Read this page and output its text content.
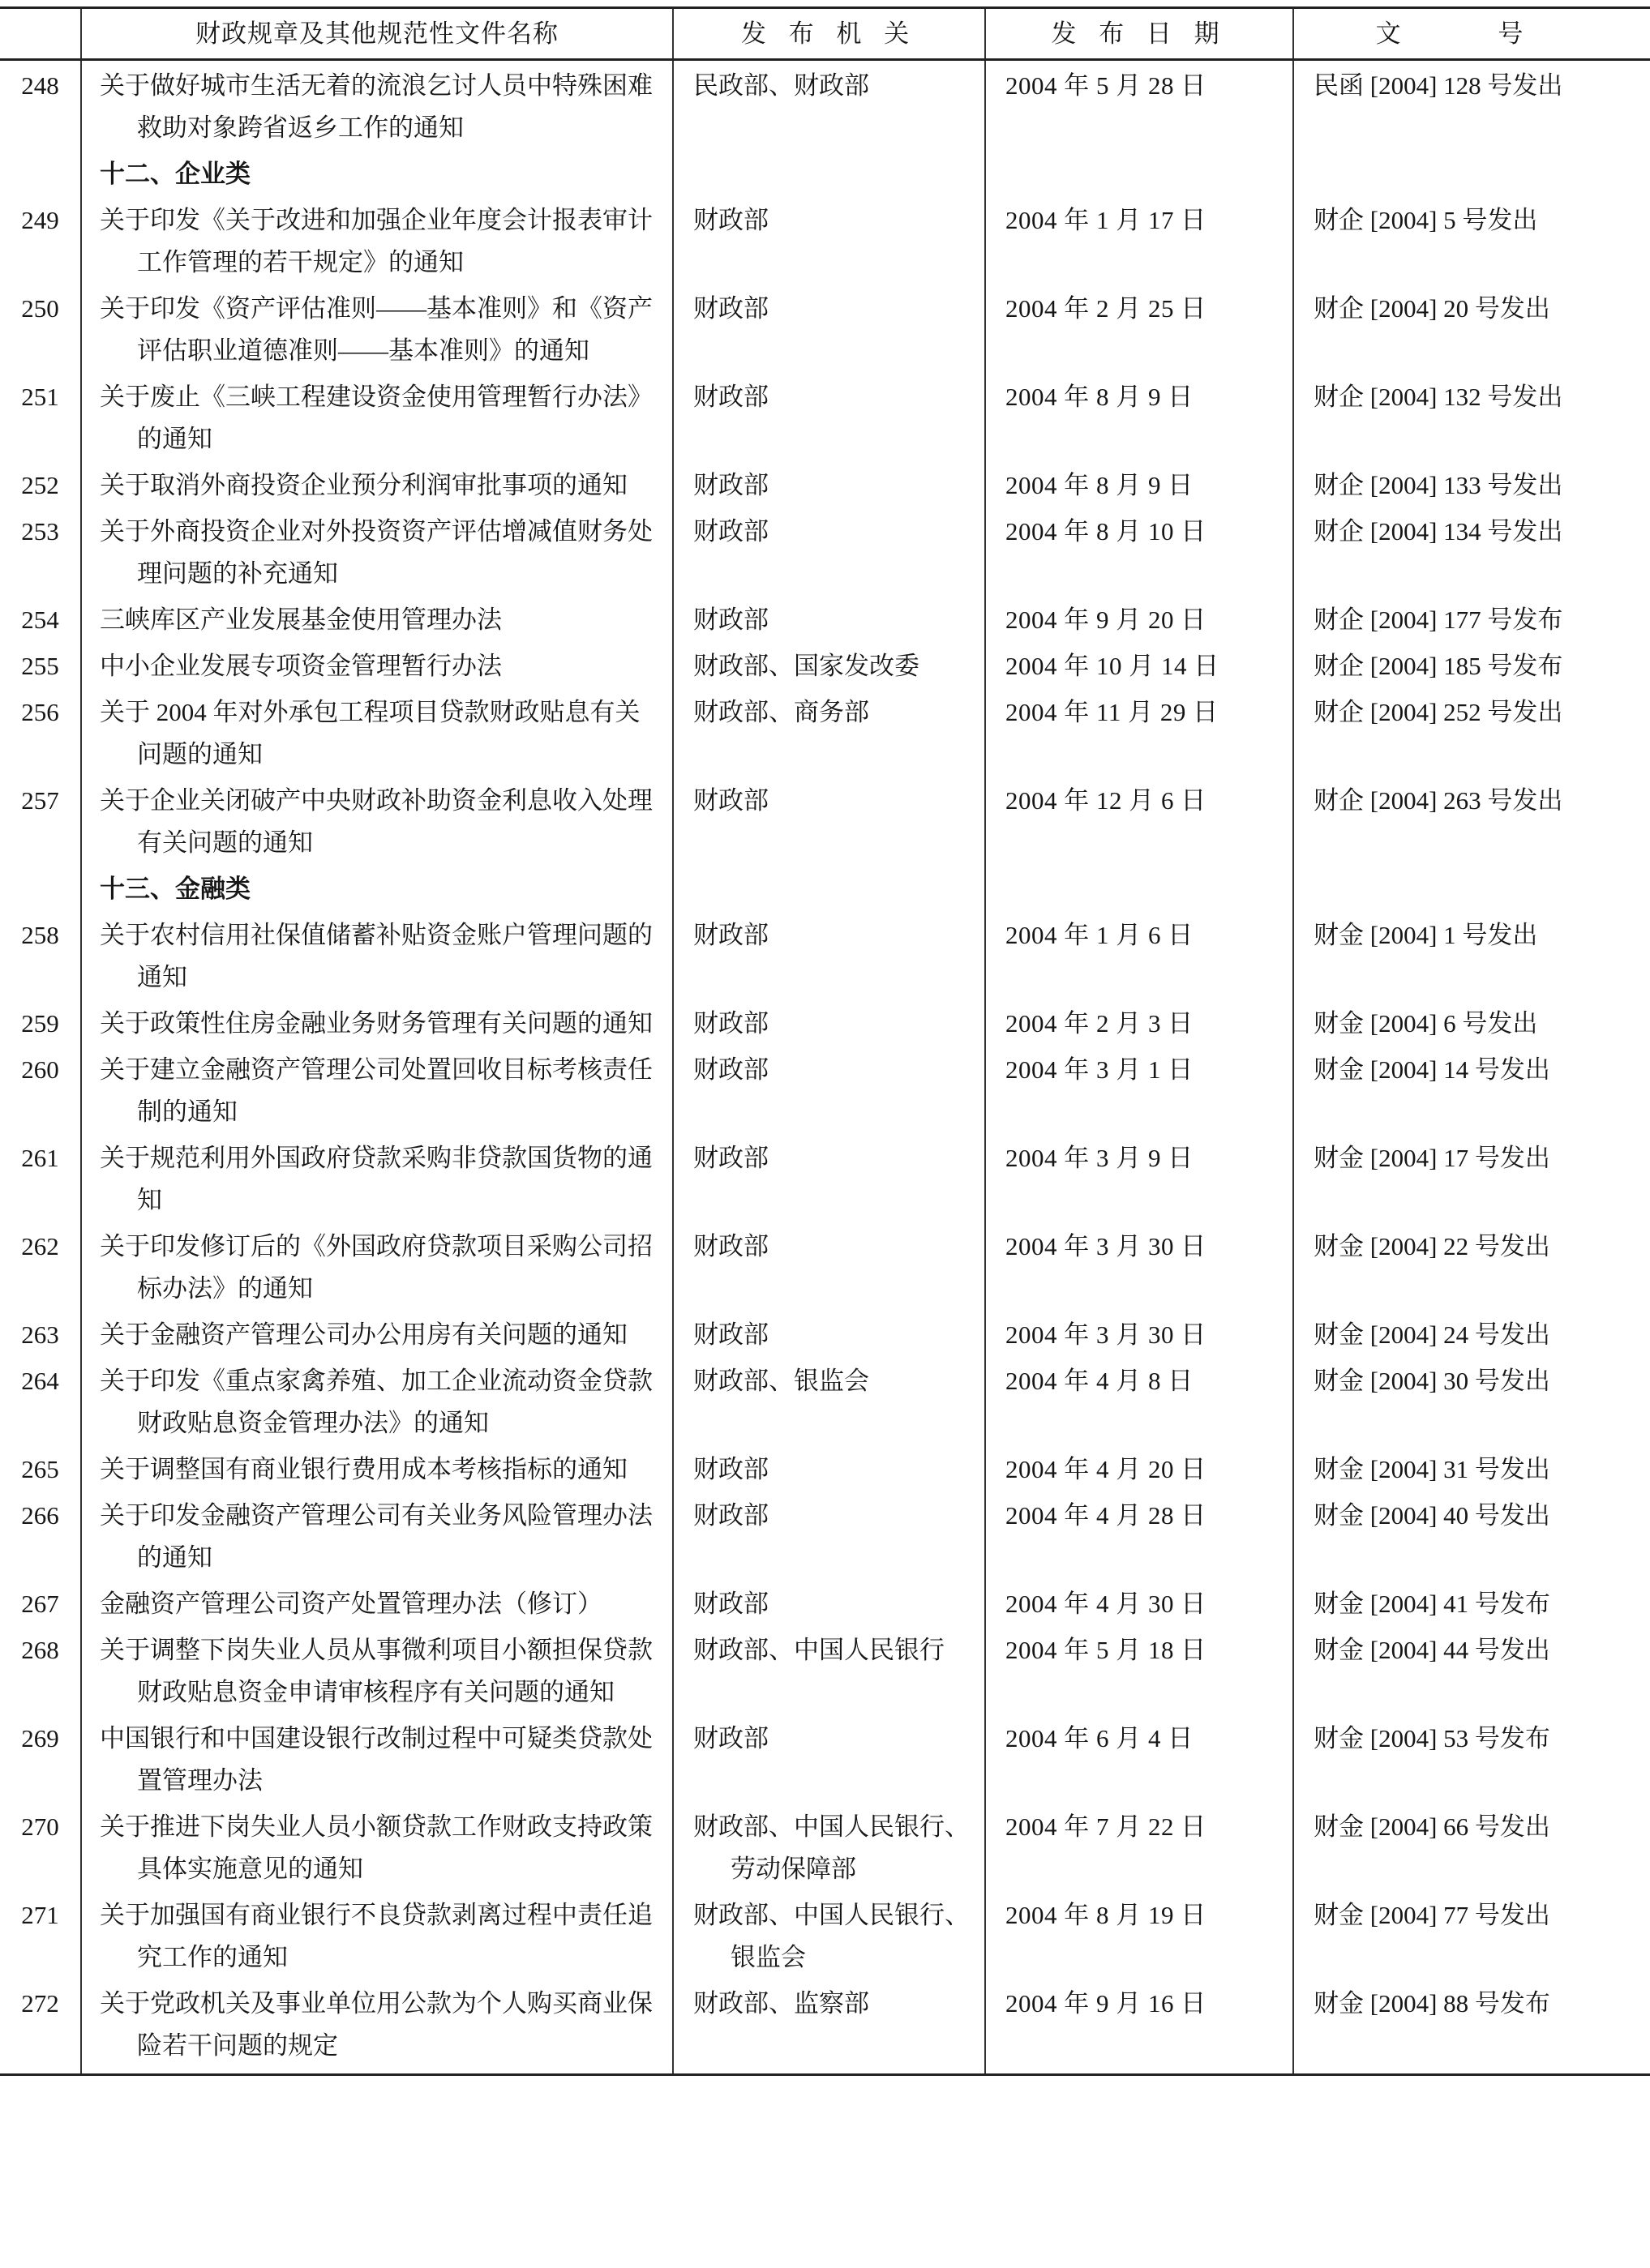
	财政规章及其他规范性文件名称	发 布 机 关	发 布 日 期	文 号
248	关于做好城市生活无着的流浪乞讨人员中特殊困难救助对象跨省返乡工作的通知	民政部、财政部	2004 年 5 月 28 日	民函 [2004] 128 号发出
	十二、企业类			
249	关于印发《关于改进和加强企业年度会计报表审计工作管理的若干规定》的通知	财政部	2004 年 1 月 17 日	财企 [2004] 5 号发出
250	关于印发《资产评估准则——基本准则》和《资产评估职业道德准则——基本准则》的通知	财政部	2004 年 2 月 25 日	财企 [2004] 20 号发出
251	关于废止《三峡工程建设资金使用管理暂行办法》的通知	财政部	2004 年 8 月 9 日	财企 [2004] 132 号发出
252	关于取消外商投资企业预分利润审批事项的通知	财政部	2004 年 8 月 9 日	财企 [2004] 133 号发出
253	关于外商投资企业对外投资资产评估增减值财务处理问题的补充通知	财政部	2004 年 8 月 10 日	财企 [2004] 134 号发出
254	三峡库区产业发展基金使用管理办法	财政部	2004 年 9 月 20 日	财企 [2004] 177 号发布
255	中小企业发展专项资金管理暂行办法	财政部、国家发改委	2004 年 10 月 14 日	财企 [2004] 185 号发布
256	关于 2004 年对外承包工程项目贷款财政贴息有关问题的通知	财政部、商务部	2004 年 11 月 29 日	财企 [2004] 252 号发出
257	关于企业关闭破产中央财政补助资金利息收入处理有关问题的通知	财政部	2004 年 12 月 6 日	财企 [2004] 263 号发出
	十三、金融类			
258	关于农村信用社保值储蓄补贴资金账户管理问题的通知	财政部	2004 年 1 月 6 日	财金 [2004] 1 号发出
259	关于政策性住房金融业务财务管理有关问题的通知	财政部	2004 年 2 月 3 日	财金 [2004] 6 号发出
260	关于建立金融资产管理公司处置回收目标考核责任制的通知	财政部	2004 年 3 月 1 日	财金 [2004] 14 号发出
261	关于规范利用外国政府贷款采购非贷款国货物的通知	财政部	2004 年 3 月 9 日	财金 [2004] 17 号发出
262	关于印发修订后的《外国政府贷款项目采购公司招标办法》的通知	财政部	2004 年 3 月 30 日	财金 [2004] 22 号发出
263	关于金融资产管理公司办公用房有关问题的通知	财政部	2004 年 3 月 30 日	财金 [2004] 24 号发出
264	关于印发《重点家禽养殖、加工企业流动资金贷款财政贴息资金管理办法》的通知	财政部、银监会	2004 年 4 月 8 日	财金 [2004] 30 号发出
265	关于调整国有商业银行费用成本考核指标的通知	财政部	2004 年 4 月 20 日	财金 [2004] 31 号发出
266	关于印发金融资产管理公司有关业务风险管理办法的通知	财政部	2004 年 4 月 28 日	财金 [2004] 40 号发出
267	金融资产管理公司资产处置管理办法（修订）	财政部	2004 年 4 月 30 日	财金 [2004] 41 号发布
268	关于调整下岗失业人员从事微利项目小额担保贷款财政贴息资金申请审核程序有关问题的通知	财政部、中国人民银行	2004 年 5 月 18 日	财金 [2004] 44 号发出
269	中国银行和中国建设银行改制过程中可疑类贷款处置管理办法	财政部	2004 年 6 月 4 日	财金 [2004] 53 号发布
270	关于推进下岗失业人员小额贷款工作财政支持政策具体实施意见的通知	财政部、中国人民银行、劳动保障部	2004 年 7 月 22 日	财金 [2004] 66 号发出
271	关于加强国有商业银行不良贷款剥离过程中责任追究工作的通知	财政部、中国人民银行、银监会	2004 年 8 月 19 日	财金 [2004] 77 号发出
272	关于党政机关及事业单位用公款为个人购买商业保险若干问题的规定	财政部、监察部	2004 年 9 月 16 日	财金 [2004] 88 号发布
